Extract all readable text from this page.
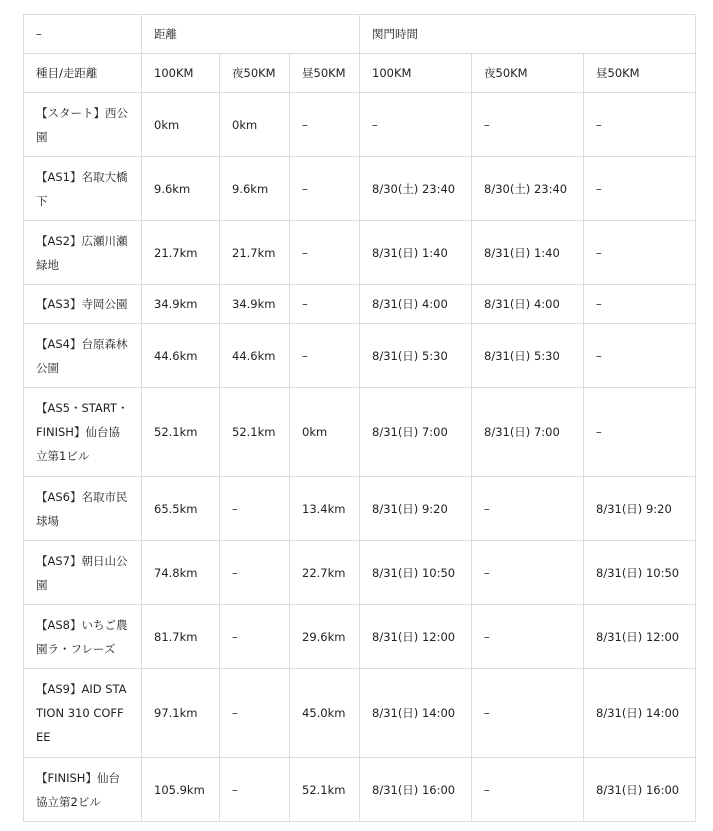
–	距離			関門時間		
種目/走距離	100KM	夜50KM	昼50KM	100KM	夜50KM	昼50KM
【スタート】西公園	0km	0km	–	–	–	–
【AS1】名取大橋下	9.6km	9.6km	–	8/30(土) 23:40	8/30(土) 23:40	–
【AS2】広瀬川瀬緑地	21.7km	21.7km	–	8/31(日) 1:40	8/31(日) 1:40	–
【AS3】寺岡公園	34.9km	34.9km	–	8/31(日) 4:00	8/31(日) 4:00	–
【AS4】台原森林公園	44.6km	44.6km	–	8/31(日) 5:30	8/31(日) 5:30	–
【AS5・START・FINISH】仙台協立第1ビル	52.1km	52.1km	0km	8/31(日) 7:00	8/31(日) 7:00	–
【AS6】名取市民球場	65.5km	–	13.4km	8/31(日) 9:20	–	8/31(日) 9:20
【AS7】朝日山公園	74.8km	–	22.7km	8/31(日) 10:50	–	8/31(日) 10:50
【AS8】いちご農園ラ・フレーズ	81.7km	–	29.6km	8/31(日) 12:00	–	8/31(日) 12:00
【AS9】AID STATION 310 COFFEE	97.1km	–	45.0km	8/31(日) 14:00	–	8/31(日) 14:00
【FINISH】仙台協立第2ビル	105.9km	–	52.1km	8/31(日) 16:00	–	8/31(日) 16:00
